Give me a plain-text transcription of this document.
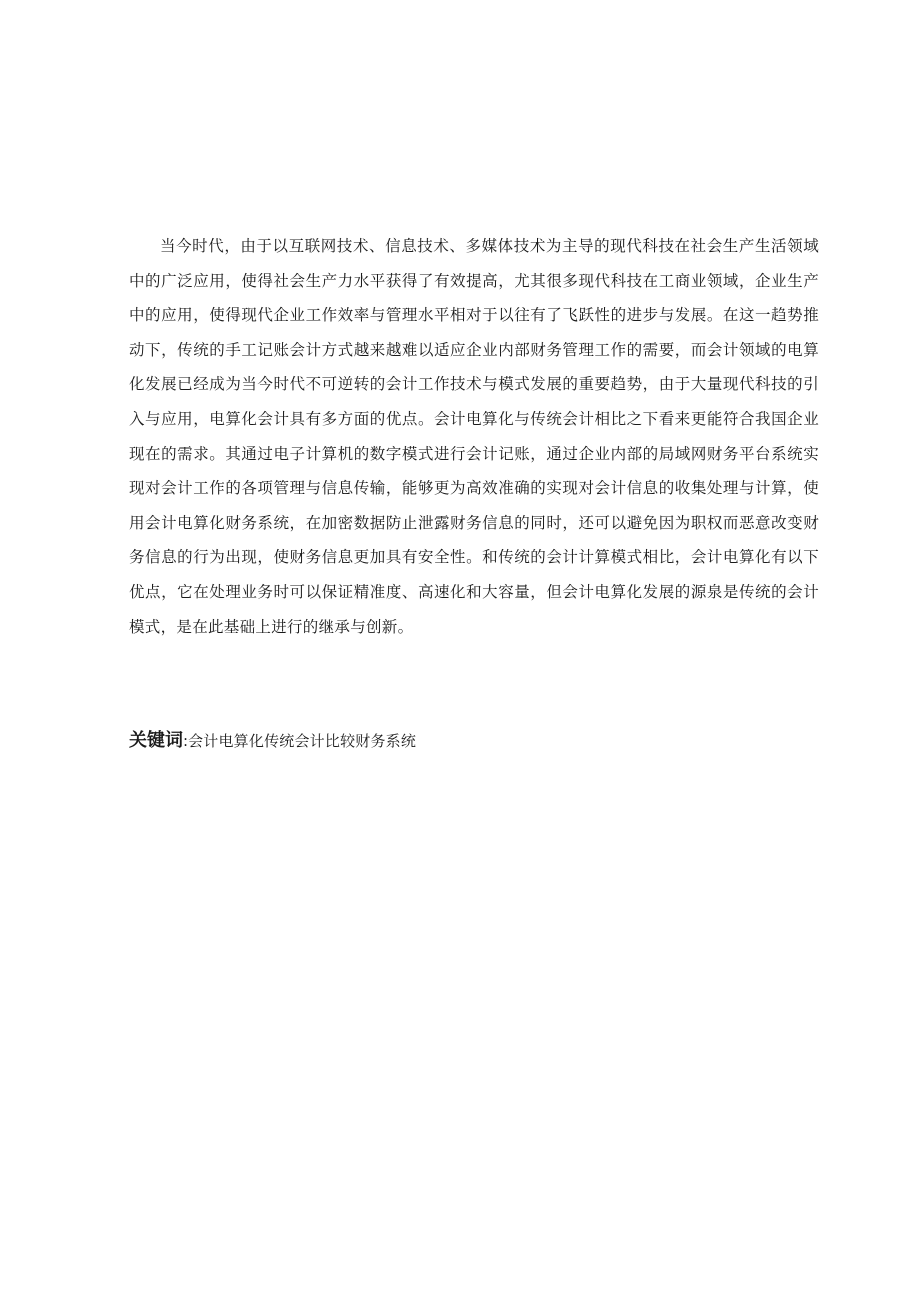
当今时代，由于以互联网技术、信息技术、多媒体技术为主导的现代科技在社会生产生活领域中的广泛应用，使得社会生产力水平获得了有效提高，尤其很多现代科技在工商业领域，企业生产中的应用，使得现代企业工作效率与管理水平相对于以往有了飞跃性的进步与发展。在这一趋势推动下，传统的手工记账会计方式越来越难以适应企业内部财务管理工作的需要，而会计领域的电算化发展已经成为当今时代不可逆转的会计工作技术与模式发展的重要趋势，由于大量现代科技的引入与应用，电算化会计具有多方面的优点。会计电算化与传统会计相比之下看来更能符合我国企业现在的需求。其通过电子计算机的数字模式进行会计记账，通过企业内部的局域网财务平台系统实现对会计工作的各项管理与信息传输，能够更为高效准确的实现对会计信息的收集处理与计算，使用会计电算化财务系统，在加密数据防止泄露财务信息的同时，还可以避免因为职权而恶意改变财务信息的行为出现，使财务信息更加具有安全性。和传统的会计计算模式相比，会计电算化有以下优点，它在处理业务时可以保证精准度、高速化和大容量，但会计电算化发展的源泉是传统的会计模式，是在此基础上进行的继承与创新。

关键词:会计电算化传统会计比较财务系统
